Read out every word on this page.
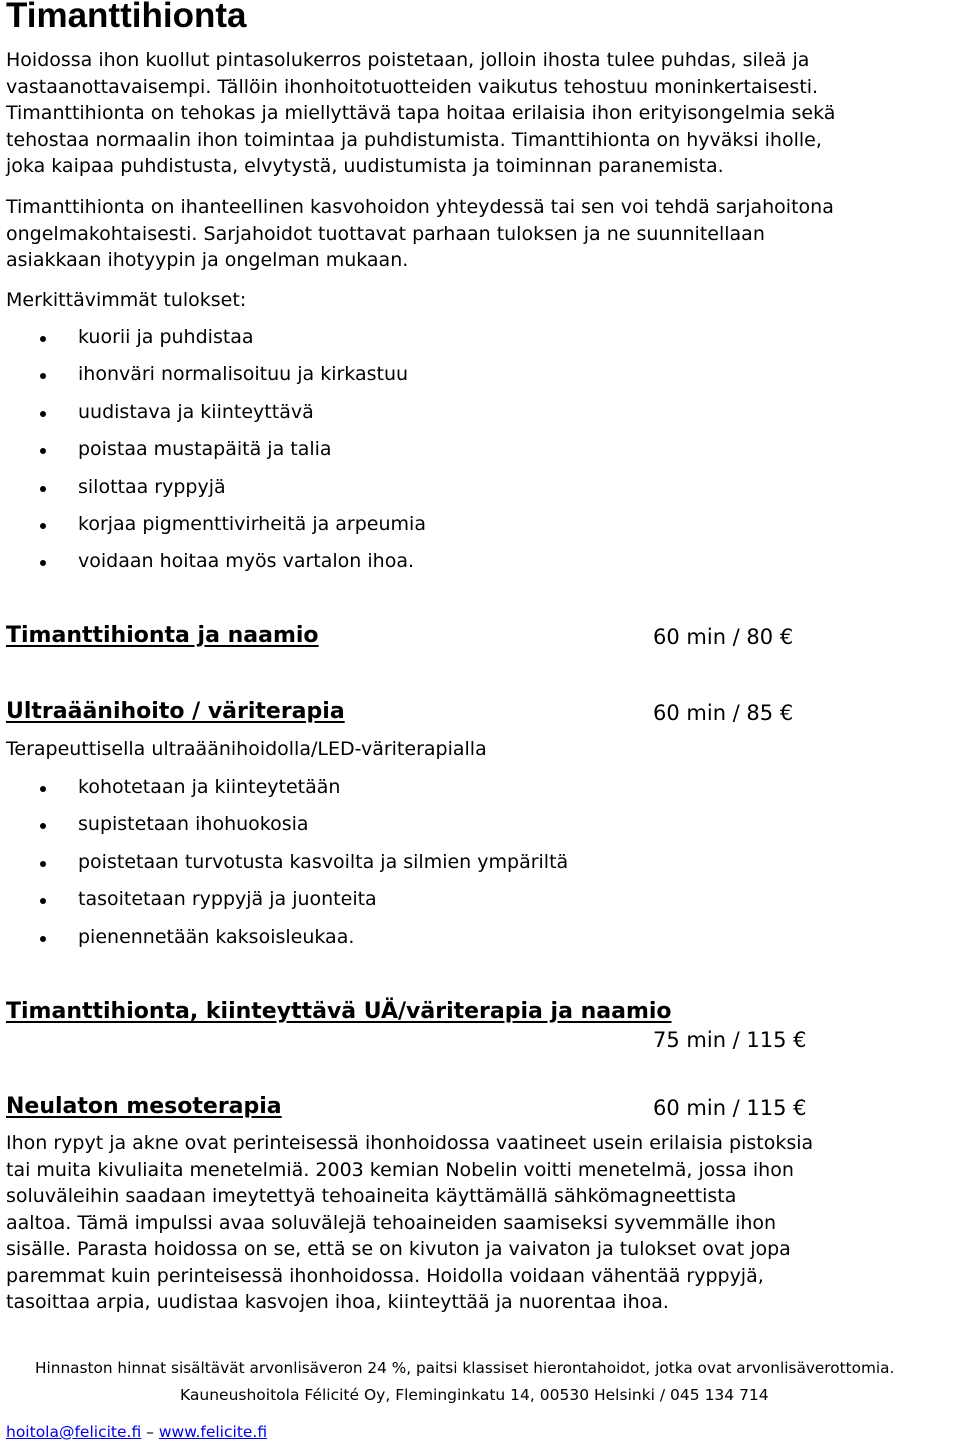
Timanttihionta

Hoidossa ihon kuollut pintasolukerros poistetaan, jolloin ihosta tulee puhdas, sileä ja

vastaanottavaisempi. Tällöin ihonhoitotuotteiden vaikutus tehostuu moninkertaisesti.

Timanttihionta on tehokas ja miellyttävä tapa hoitaa erilaisia ihon erityisongelmia sekä

tehostaa normaalin ihon toimintaa ja puhdistumista. Timanttihionta on hyväksi iholle,

joka kaipaa puhdistusta, elvytystä, uudistumista ja toiminnan paranemista.

Timanttihionta on ihanteellinen kasvohoidon yhteydessä tai sen voi tehdä sarjahoitona

ongelmakohtaisesti. Sarjahoidot tuottavat parhaan tuloksen ja ne suunnitellaan

asiakkaan ihotyypin ja ongelman mukaan.

Merkittävimmät tulokset:

kuorii ja puhdistaa
ihonväri normalisoituu ja kirkastuu
uudistava ja kiinteyttävä
poistaa mustapäitä ja talia
silottaa ryppyjä
korjaa pigmenttivirheitä ja arpeumia
voidaan hoitaa myös vartalon ihoa.
Timanttihionta ja naamio	60 min / 80 €
Ultraäänihoito / väriterapia	60 min / 85 €

Terapeuttisella ultraäänihoidolla/LED-väriterapialla

kohotetaan ja kiinteytetään
supistetaan ihohuokosia
poistetaan turvotusta kasvoilta ja silmien ympäriltä
tasoitetaan ryppyjä ja juonteita
pienennetään kaksoisleukaa.
Timanttihionta, kiinteyttävä UÄ/väriterapia ja naamio
75 min / 115 €
Neulaton mesoterapia	60 min / 115 €

Ihon rypyt ja akne ovat perinteisessä ihonhoidossa vaatineet usein erilaisia pistoksia

tai muita kivuliaita menetelmiä. 2003 kemian Nobelin voitti menetelmä, jossa ihon

soluväleihin saadaan imeytettyä tehoaineita käyttämällä sähkömagneettista

aaltoa. Tämä impulssi avaa soluvälejä tehoaineiden saamiseksi syvemmälle ihon

sisälle. Parasta hoidossa on se, että se on kivuton ja vaivaton ja tulokset ovat jopa

paremmat kuin perinteisessä ihonhoidossa. Hoidolla voidaan vähentää ryppyjä,

tasoittaa arpia, uudistaa kasvojen ihoa, kiinteyttää ja nuorentaa ihoa.

Hinnaston hinnat sisältävät arvonlisäveron 24 %, paitsi klassiset hierontahoidot, jotka ovat arvonlisäverottomia.
Kauneushoitola Félicité Oy, Fleminginkatu 14, 00530 Helsinki / 045 134 714
hoitola@felicite.fi – www.felicite.fi
